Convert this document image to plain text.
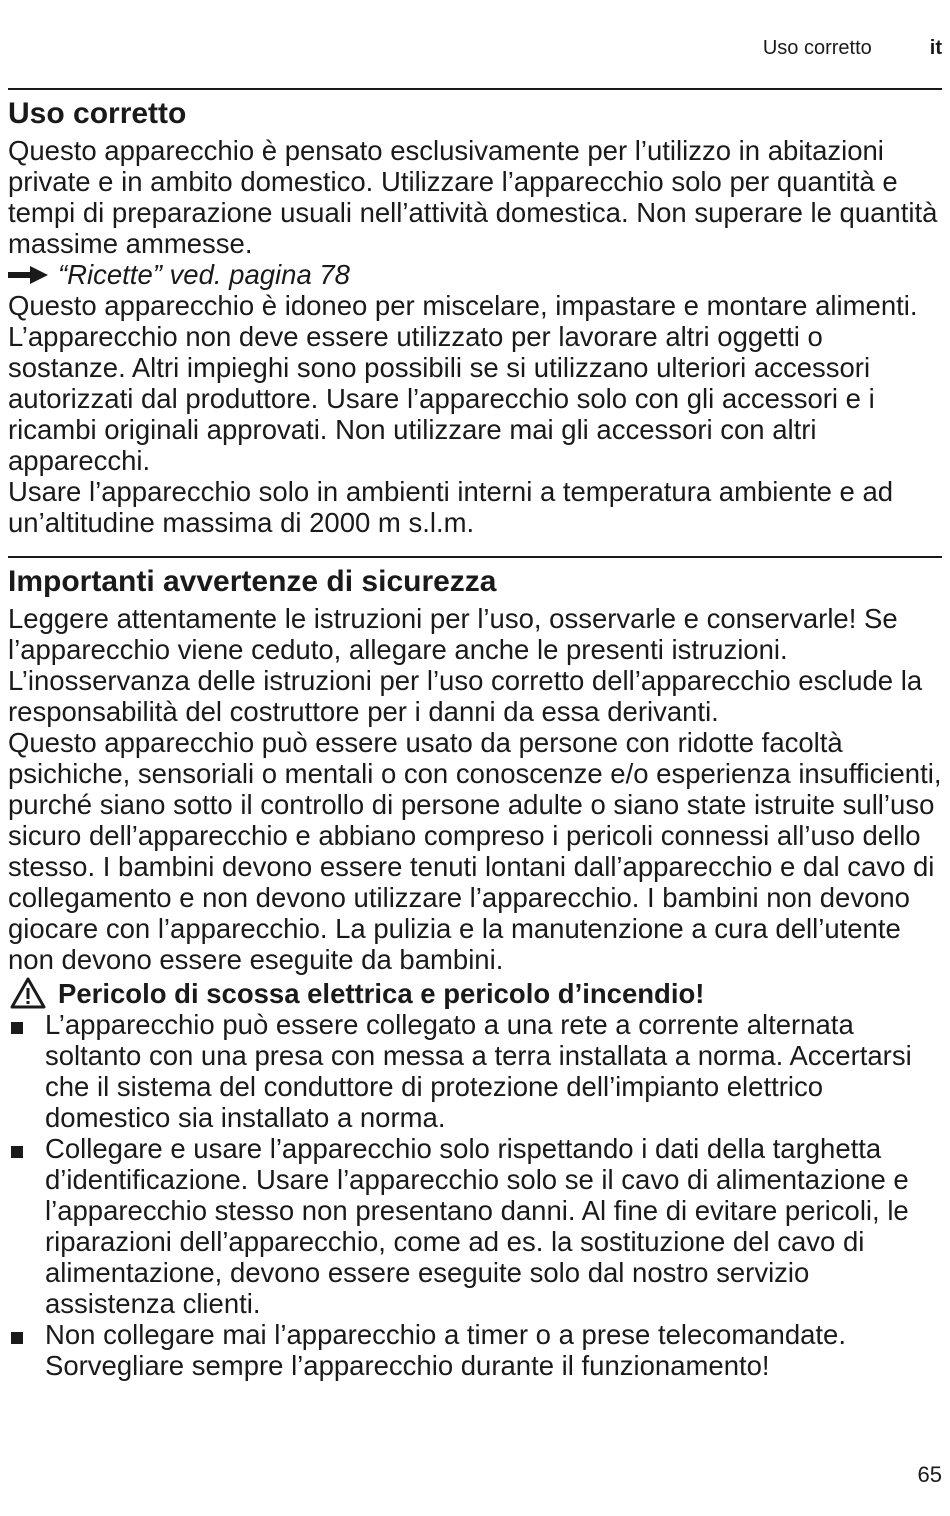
Uso corretto	it
Uso corretto

Questo apparecchio è pensato esclusivamente per l’utilizzo in abitazioni private e in ambito domestico. Utilizzare l’apparecchio solo per quantità e tempi di preparazione usuali nell’attività domestica. Non superare le quantità massime ammesse.

“Ricette” ved. pagina 78

Questo apparecchio è idoneo per miscelare, impastare e montare alimenti. L’apparecchio non deve essere utilizzato per lavorare altri oggetti o sostanze. Altri impieghi sono possibili se si utilizzano ulteriori accessori autorizzati dal produttore. Usare l’apparecchio solo con gli accessori e i ricambi originali approvati. Non utilizzare mai gli accessori con altri apparecchi.

Usare l’apparecchio solo in ambienti interni a temperatura ambiente e ad un’altitudine massima di 2000 m s.l.m.

Importanti avvertenze di sicurezza

Leggere attentamente le istruzioni per l’uso, osservarle e conservarle! Se l’apparecchio viene ceduto, allegare anche le presenti istruzioni. L’inosservanza delle istruzioni per l’uso corretto dell’apparecchio esclude la responsabilità del costruttore per i danni da essa derivanti.

Questo apparecchio può essere usato da persone con ridotte facoltà psichiche, sensoriali o mentali o con conoscenze e/o esperienza insufficienti, purché siano sotto il controllo di persone adulte o siano state istruite sull’uso sicuro dell’apparecchio e abbiano compreso i pericoli connessi all’uso dello stesso. I bambini devono essere tenuti lontani dall’apparecchio e dal cavo di collegamento e non devono utilizzare l’apparecchio. I bambini non devono giocare con l’apparecchio. La pulizia e la manutenzione a cura dell’utente non devono essere eseguite da bambini.

Pericolo di scossa elettrica e pericolo d’incendio!
L’apparecchio può essere collegato a una rete a corrente alternata soltanto con una presa con messa a terra installata a norma. Accertarsi che il sistema del conduttore di protezione dell’impianto elettrico domestico sia installato a norma.
Collegare e usare l’apparecchio solo rispettando i dati della targhetta d’identificazione. Usare l’apparecchio solo se il cavo di alimentazione e l’apparecchio stesso non presentano danni. Al fine di evitare pericoli, le riparazioni dell’apparecchio, come ad es. la sostituzione del cavo di alimentazione, devono essere eseguite solo dal nostro servizio assistenza clienti.
Non collegare mai l’apparecchio a timer o a prese telecomandate. Sorvegliare sempre l’apparecchio durante il funzionamento!
65
